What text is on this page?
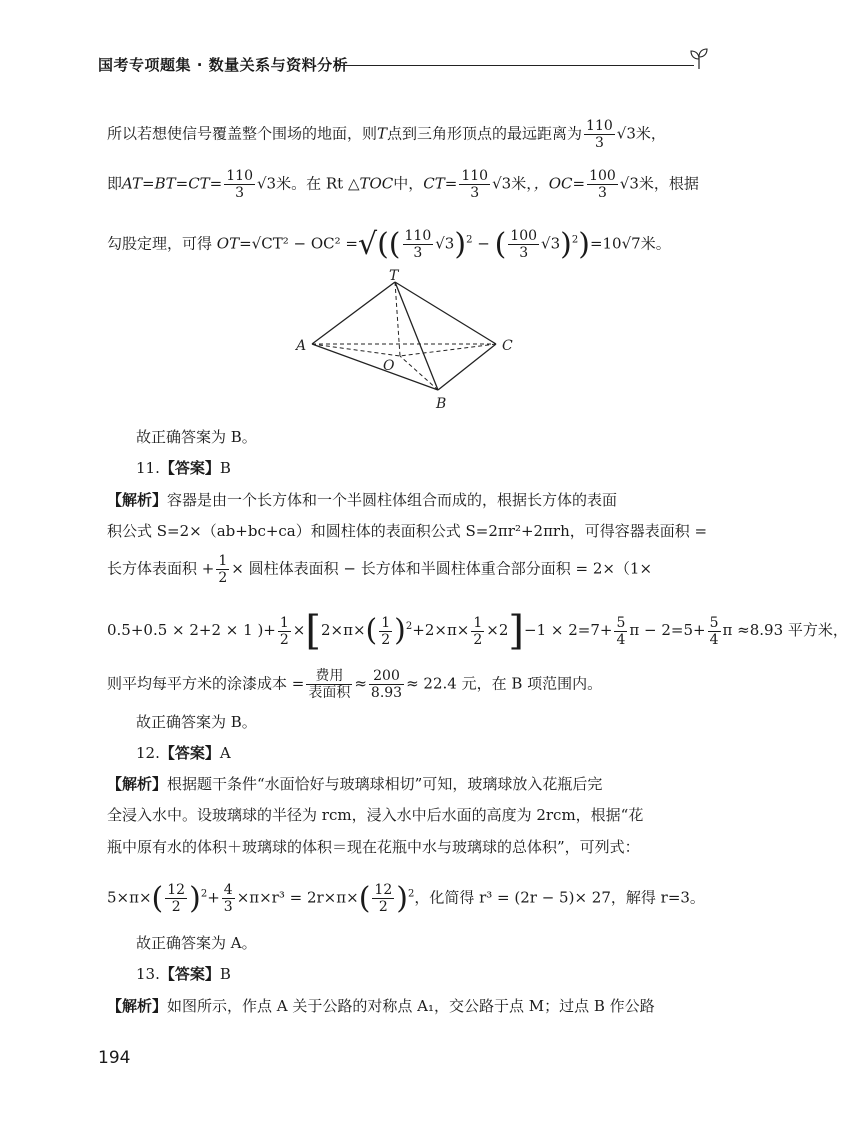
国考专项题集 · 数量关系与资料分析
所以若想使信号覆盖整个围场的地面，则T点到三角形顶点的最远距离为 $\frac{110}{3} √3$米，
即$AT=BT=CT= \frac{110}{3} √3$米。在 Rt △TOC中，$CT= \frac{110}{3} √3$米，，$OC= \frac{100}{3} √3$米，根据
勾股定理，可得 OT=√CT² − OC² =√(( $\frac{110}{3} √3)^2$ − ( $\frac{100}{3} √3)^2)=10√7$米。
T
A	C
O
B
故正确答案为 B。
11.【答案】B
【解析】容器是由一个长方体和一个半圆柱体组合而成的，根据长方体的表面
积公式 S=2×（ab+bc+ca）和圆柱体的表面积公式 S=2πr²+2πrh，可得容器表面积 =
长方体表面积 + $\frac{1}{2}$ × 圆柱体表面积 − 长方体和半圆柱体重合部分面积 = 2×（1×
0.5+0.5 × 2+2 × 1 )+ $\frac{1}{2} \times[2\times\pi\times( \frac{1}{2} )^2+2\times\pi\times \frac{1}{2} \times 2]-1 \times 2=7+ \frac{5}{4}$ $\pi - 2=5+ \frac{5}{4}$ π ≈8.93 平方米，
则平均每平方米的涂漆成本 = $\frac{\text{费用}}{\text{表面积}} \approx \frac{200}{8.93} \approx 22.4$ 元，在 B 项范围内。
故正确答案为 B。
12.【答案】A
【解析】根据题干条件“水面恰好与玻璃球相切”可知，玻璃球放入花瓶后完
全浸入水中。设玻璃球的半径为 rcm，浸入水中后水面的高度为 2rcm，根据“花
瓶中原有水的体积＋玻璃球的体积＝现在花瓶中水与玻璃球的总体积”，可列式：
$5\times\pi\times( \frac{12}{2} )^2+ \frac{4}{3} \times\pi\times r^3 = 2r\times\pi\times( \frac{12}{2} )^2$，化简得 r³ = (2r − 5)× 27，解得 r=3。
故正确答案为 A。
13.【答案】B
【解析】如图所示，作点 A 关于公路的对称点 A₁，交公路于点 M；过点 B 作公路
194
